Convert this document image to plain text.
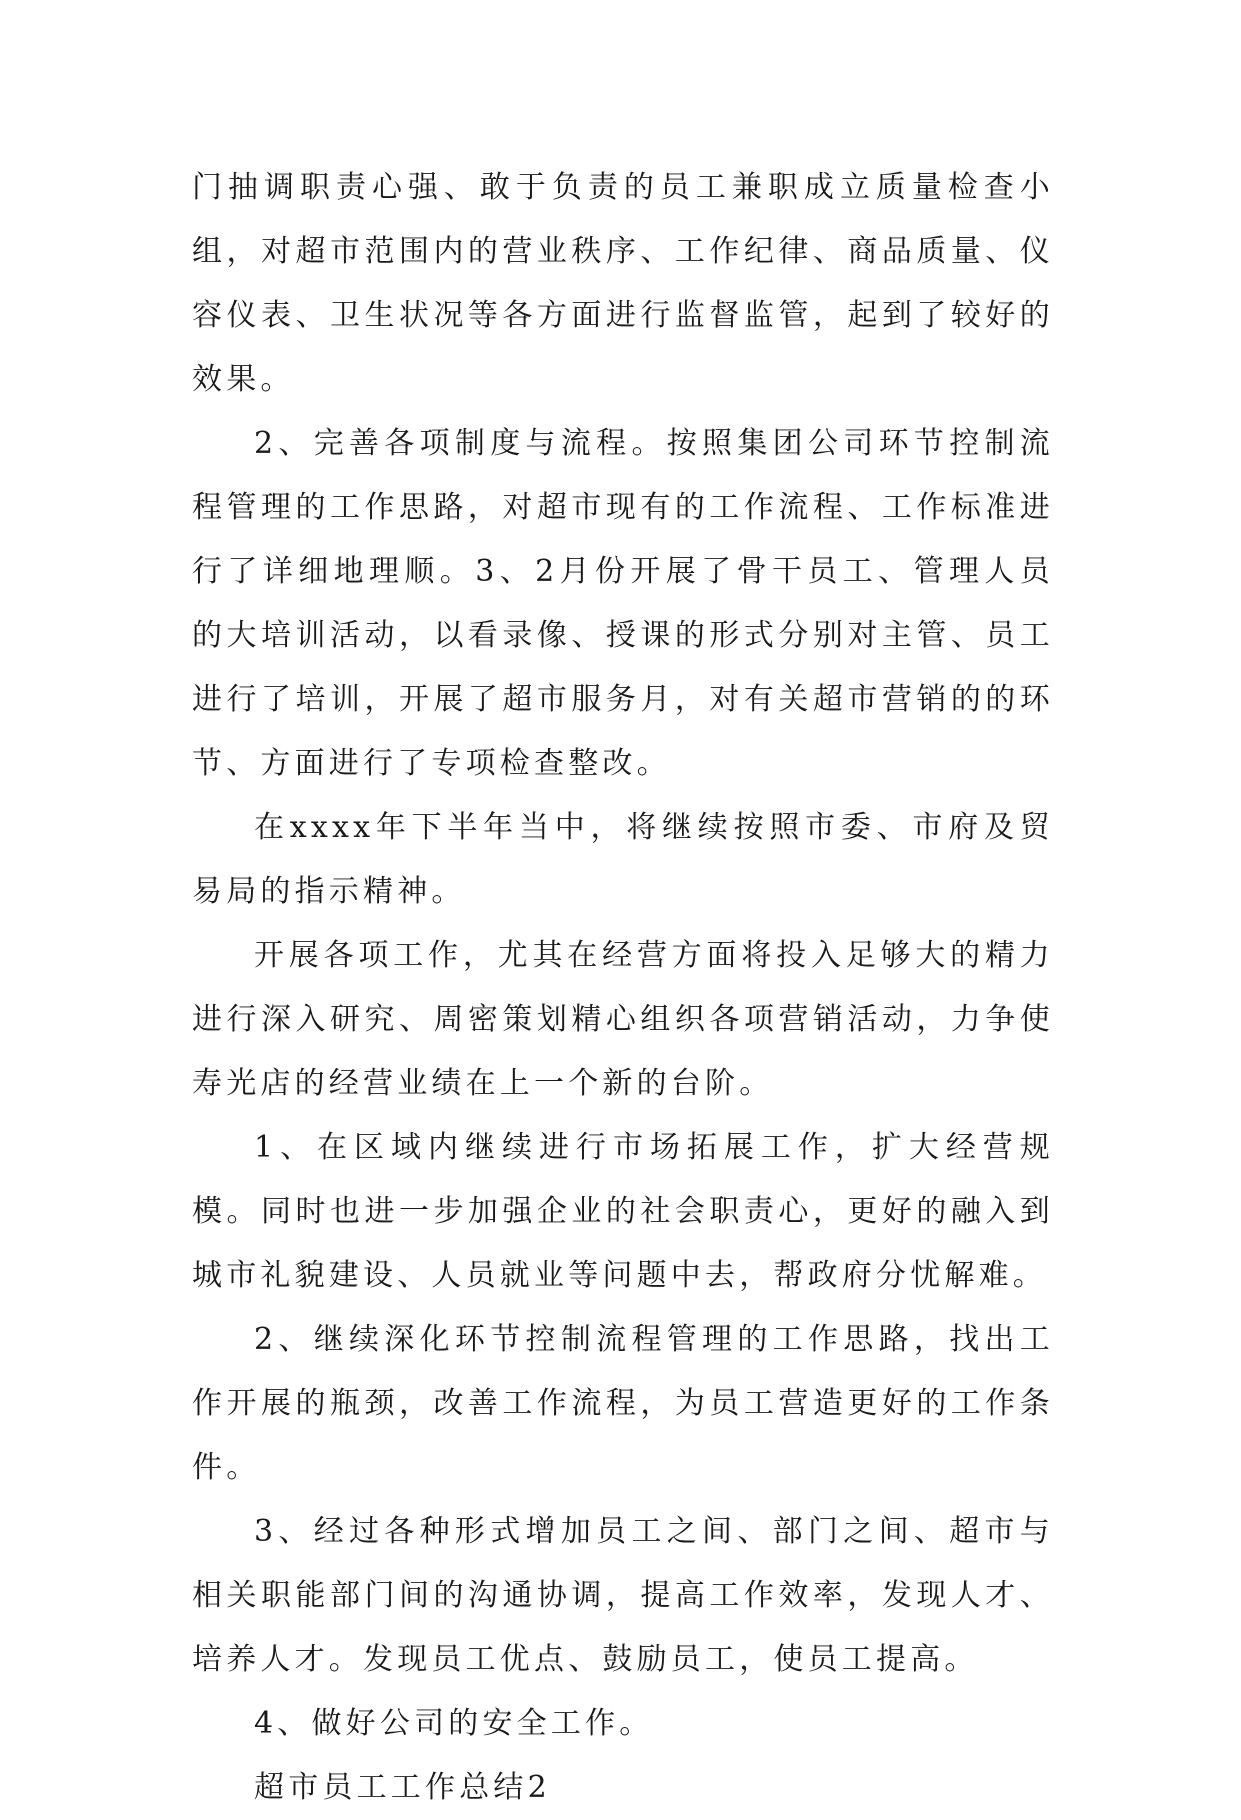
门抽调职责心强、敢于负责的员工兼职成立质量检查小组，对超市范围内的营业秩序、工作纪律、商品质量、仪容仪表、卫生状况等各方面进行监督监管，起到了较好的效果。

2、完善各项制度与流程。按照集团公司环节控制流程管理的工作思路，对超市现有的工作流程、工作标准进行了详细地理顺。3、2月份开展了骨干员工、管理人员的大培训活动，以看录像、授课的形式分别对主管、员工进行了培训，开展了超市服务月，对有关超市营销的的环节、方面进行了专项检查整改。

在xxxx年下半年当中，将继续按照市委、市府及贸易局的指示精神。

开展各项工作，尤其在经营方面将投入足够大的精力进行深入研究、周密策划精心组织各项营销活动，力争使寿光店的经营业绩在上一个新的台阶。

1、在区域内继续进行市场拓展工作，扩大经营规模。同时也进一步加强企业的社会职责心，更好的融入到城市礼貌建设、人员就业等问题中去，帮政府分忧解难。

2、继续深化环节控制流程管理的工作思路，找出工作开展的瓶颈，改善工作流程，为员工营造更好的工作条件。

3、经过各种形式增加员工之间、部门之间、超市与相关职能部门间的沟通协调，提高工作效率，发现人才、培养人才。发现员工优点、鼓励员工，使员工提高。

4、做好公司的安全工作。

超市员工工作总结2
